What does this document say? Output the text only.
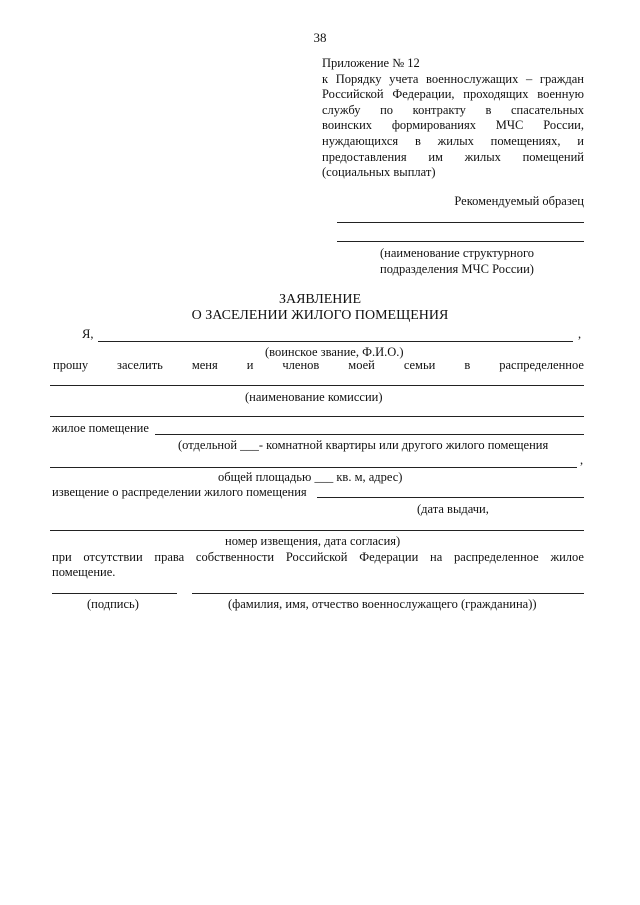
38
Приложение № 12
к Порядку учета военнослужащих – граждан
Российской Федерации, проходящих военную
службу по контракту в спасательных
воинских формированиях МЧС России,
нуждающихся в жилых помещениях, и
предоставления им жилых помещений
(социальных выплат)
Рекомендуемый образец
(наименование структурного
подразделения МЧС России)
ЗАЯВЛЕНИЕ
О ЗАСЕЛЕНИИ ЖИЛОГО ПОМЕЩЕНИЯ
Я,	,
(воинское звание, Ф.И.О.)
прошу заселить меня и членов моей семьи в распределенное
(наименование комиссии)
жилое помещение
(отдельной ___- комнатной квартиры или другого жилого помещения
,
общей площадью ___ кв. м, адрес)
извещение о распределении жилого помещения
(дата выдачи,
номер извещения, дата согласия)
при отсутствии права собственности Российской Федерации на распределенное жилое
помещение.
(подпись)	(фамилия, имя, отчество военнослужащего (гражданина))
